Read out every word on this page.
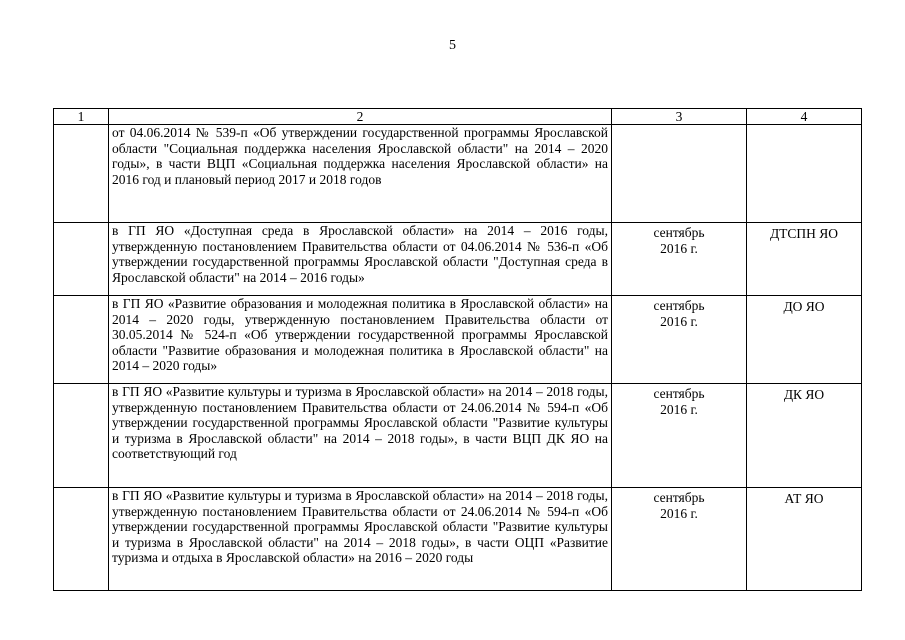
5
1	2	3	4
	от 04.06.2014 № 539-п «Об утверждении государственной программы Ярославской области "Социальная поддержка населения Ярославской области" на 2014 – 2020 годы», в части ВЦП «Социальная поддержка населения Ярославской области» на 2016 год и плановый период 2017 и 2018 годов	

	в ГП ЯО «Доступная среда в Ярославской области» на 2014 – 2016 годы, утвержденную постановлением Правительства области от 04.06.2014 № 536-п «Об утверждении государственной программы Ярославской области "Доступная среда в Ярославской области" на 2014 – 2016 годы»	сентябрь
2016 г.	ДТСПН ЯО
	в ГП ЯО «Развитие образования и молодежная политика в Ярославской области» на 2014 – 2020 годы, утвержденную постановлением Правительства области от 30.05.2014 № 524-п «Об утверждении государственной программы Ярославской области "Развитие образования и молодежная политика в Ярославской области" на 2014 – 2020 годы»	сентябрь
2016 г.	ДО ЯО
	в ГП ЯО «Развитие культуры и туризма в Ярославской области» на 2014 – 2018 годы, утвержденную постановлением Правительства области от 24.06.2014 № 594-п «Об утверждении государственной программы Ярославской области "Развитие культуры и туризма в Ярославской области" на 2014 – 2018 годы», в части ВЦП ДК ЯО на соответствующий год	сентябрь
2016 г.	ДК ЯО
	в ГП ЯО «Развитие культуры и туризма в Ярославской области» на 2014 – 2018 годы, утвержденную постановлением Правительства области от 24.06.2014 № 594-п «Об утверждении государственной программы Ярославской области "Развитие культуры и туризма в Ярославской области" на 2014 – 2018 годы», в части ОЦП «Развитие туризма и отдыха в Ярославской области» на 2016 – 2020 годы	сентябрь
2016 г.	АТ ЯО
